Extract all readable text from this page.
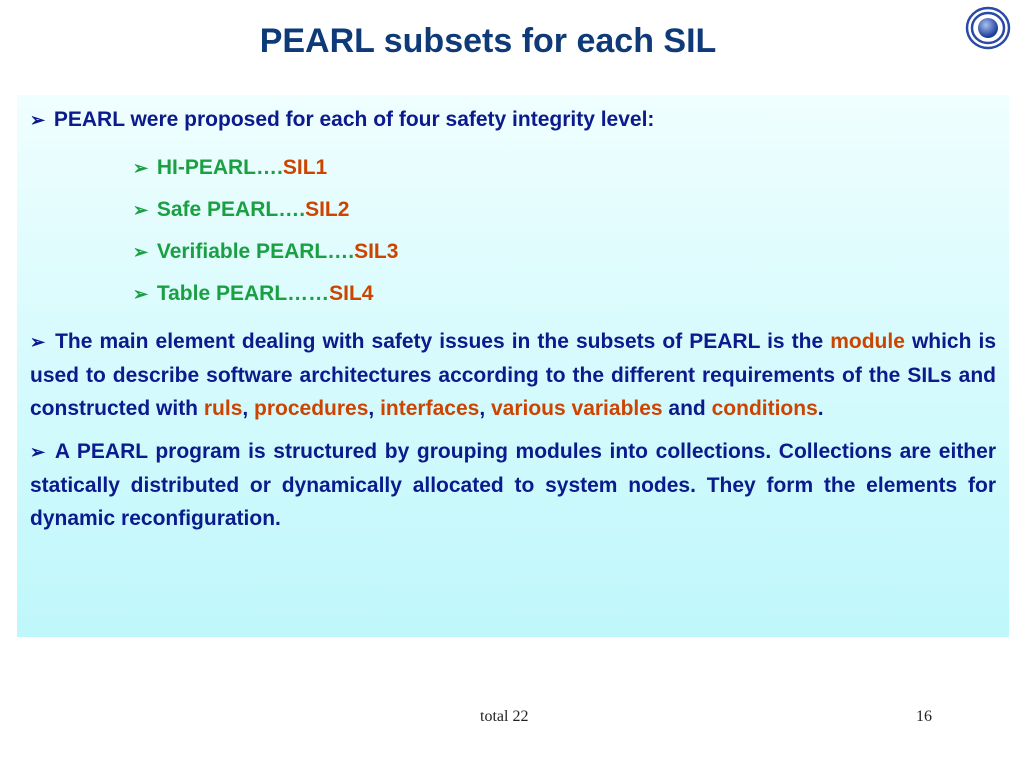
PEARL subsets for each SIL
➢ PEARL were proposed for each of four safety integrity level:
➢ HI-PEARL….SIL1
➢ Safe PEARL….SIL2
➢ Verifiable PEARL….SIL3
➢ Table PEARL……SIL4
➢ The main element dealing with safety issues in the subsets of PEARL is the module which is used to describe software architectures according to the different requirements of the SILs and constructed with ruls, procedures, interfaces, various variables and conditions.
➢ A PEARL program is structured by grouping modules into collections. Collections are either statically distributed or dynamically allocated to system nodes. They form the elements for dynamic reconfiguration.
total 22	16
